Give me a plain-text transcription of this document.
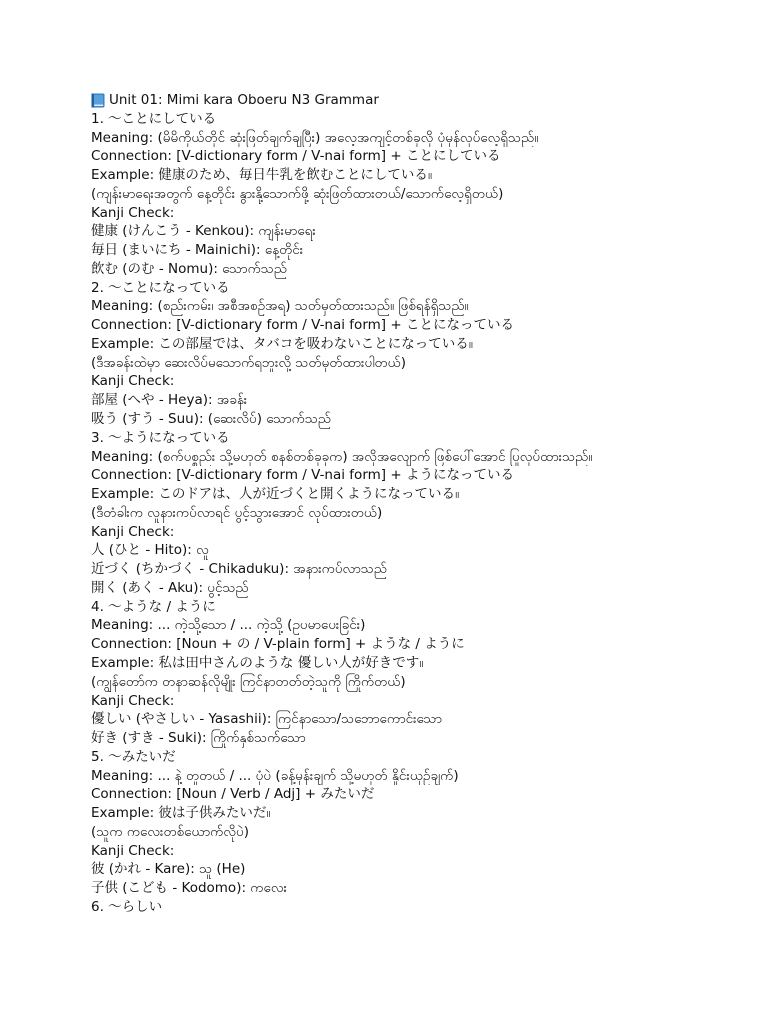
Unit 01: Mimi kara Oboeru N3 Grammar
1. ～ことにしている
Meaning: (မိမိကိုယ်တိုင် ဆုံးဖြတ်ချက်ချပြီး) အလေ့အကျင့်တစ်ခုလို ပုံမှန်လုပ်လေ့ရှိသည်။
Connection: [V-dictionary form / V-nai form] + ことにしている
Example: 健康のため、毎日牛乳を飲むことにしている။
(ကျန်းမာရေးအတွက် နေ့တိုင်း နွားနို့သောက်ဖို့ ဆုံးဖြတ်ထားတယ်/သောက်လေ့ရှိတယ်)
Kanji Check:
健康 (けんこう - Kenkou): ကျန်းမာရေး
毎日 (まいにち - Mainichi): နေ့တိုင်း
飲む (のむ - Nomu): သောက်သည်
2. ～ことになっている
Meaning: (စည်းကမ်း၊ အစီအစဉ်အရ) သတ်မှတ်ထားသည်။ ဖြစ်ရန်ရှိသည်။
Connection: [V-dictionary form / V-nai form] + ことになっている
Example: この部屋では、タバコを吸わないことになっている။
(ဒီအခန်းထဲမှာ ဆေးလိပ်မသောက်ရဘူးလို့ သတ်မှတ်ထားပါတယ်)
Kanji Check:
部屋 (へや - Heya): အခန်း
吸う (すう - Suu): (ဆေးလိပ်) သောက်သည်
3. ～ようになっている
Meaning: (စက်ပစ္စည်း သို့မဟုတ် စနစ်တစ်ခုခုက) အလိုအလျောက် ဖြစ်ပေါ်အောင် ပြုလုပ်ထားသည်။
Connection: [V-dictionary form / V-nai form] + ようになっている
Example: このドアは、人が近づくと開くようになっている။
(ဒီတံခါးက လူနားကပ်လာရင် ပွင့်သွားအောင် လုပ်ထားတယ်)
Kanji Check:
人 (ひと - Hito): လူ
近づく (ちかづく - Chikaduku): အနားကပ်လာသည်
開く (あく - Aku): ပွင့်သည်
4. ～ような / ように
Meaning: ... ကဲ့သို့သော / ... ကဲ့သို့ (ဥပမာပေးခြင်း)
Connection: [Noun + の / V-plain form] + ような / ように
Example: 私は田中さんのような 優しい人が好きです။
(ကျွန်တော်က တနာဆန်လိုမျိုး ကြင်နာတတ်တဲ့သူကို ကြိုက်တယ်)
Kanji Check:
優しい (やさしい - Yasashii): ကြင်နာသော/သဘောကောင်းသော
好き (すき - Suki): ကြိုက်နှစ်သက်သော
5. ～みたいだ
Meaning: ... နဲ့ တူတယ် / ... ပုံပဲ (ခန့်မှန်းချက် သို့မဟုတ် နှိုင်းယှဉ်ချက်)
Connection: [Noun / Verb / Adj] + みたいだ
Example: 彼は子供みたいだ။
(သူက ကလေးတစ်ယောက်လိုပဲ)
Kanji Check:
彼 (かれ - Kare): သူ (He)
子供 (こども - Kodomo): ကလေး
6. ～らしい
